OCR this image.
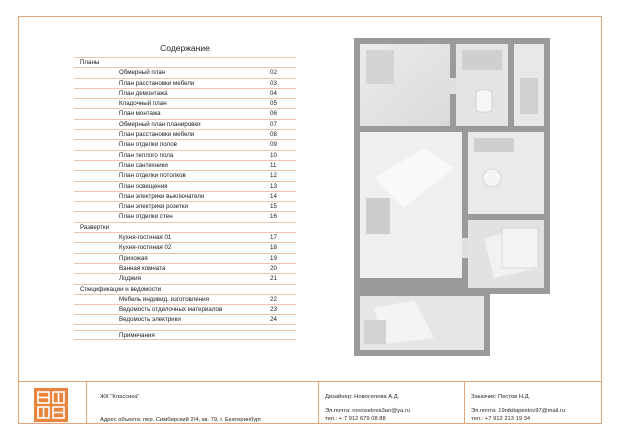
Содержание
Планы
Обмерный план	02
План расстановки мебели	03
План демонтажа	04
Кладочный план	05
План монтажа	06
Обмерный план планировки	07
План расстановки мебели	08
План отделки полов	09
План теплого пола	10
План сантехники	11
План отделки потолков	12
План освещения	13
План электрики выключатели	14
План электрики розетки	15
План отделки стен	16
Развертки
Кухня-гостиная 01	17
Кухня-гостиная 02	18
Прихожая	19
Ванная комната	20
Лоджия	21
Спецификации и ведомости
Мебель индивид. изготовления	22
Ведомость отделочных материалов	23
Ведомость электрики	24
Примечания
ЖК "Классика"
Адрес объекта: пер. Симбирский 2/4, кв. 79, г. Екатеринбург
Дизайнер: Новоселова А.Д.
Эл.почта: novoselova3an@ya.ru
тел.: + 7 912 679 08 88
Заказчик: Пестов Н.Д.
Эл.почта: 19nikitapestov97@mail.ru
тел.: +7 912 213 19 34
